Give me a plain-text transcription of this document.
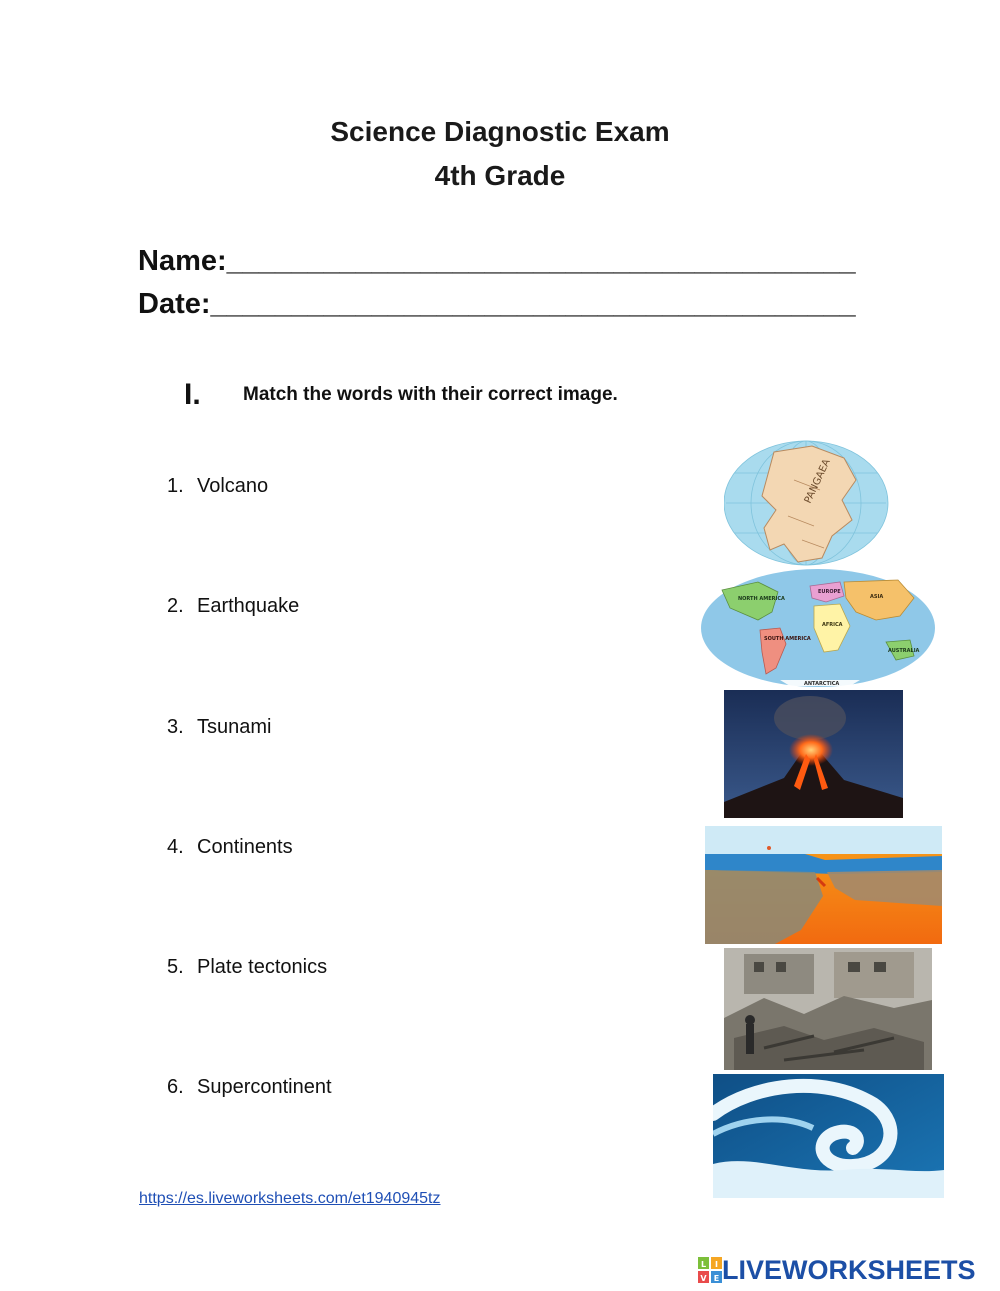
Science Diagnostic Exam
4th Grade
Name:_______________________________________
Date:________________________________________
I. Match the words with their correct image.
1. Volcano
2. Earthquake
3. Tsunami
4. Continents
5. Plate tectonics
6. Supercontinent
PANGAEA
NORTH AMERICA
EUROPE
ASIA
AFRICA
SOUTH AMERICA
AUSTRALIA
ANTARCTICA
https://es.liveworksheets.com/et1940945tz
L I
V E LIVEWORKSHEETS
